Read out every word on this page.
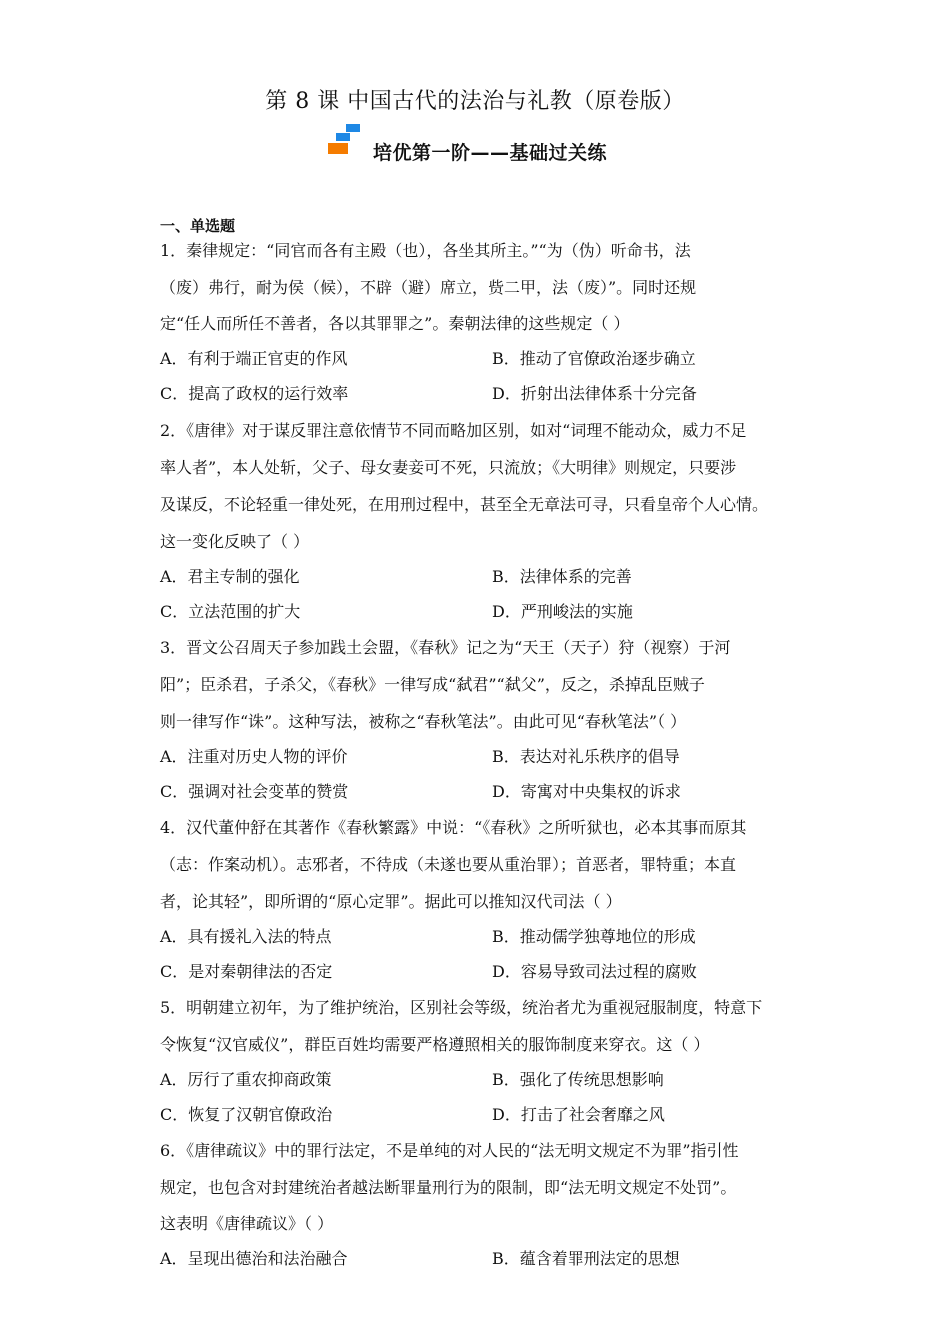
第 8 课 中国古代的法治与礼教（原卷版）
培优第一阶——基础过关练
一、单选题
1．秦律规定：“同官而各有主殿（也），各坐其所主。”“为（伪）听命书，法
（废）弗行，耐为侯（候），不辟（避）席立，赀二甲，法（废）”。同时还规
定“任人而所任不善者，各以其罪罪之”。秦朝法律的这些规定（ ）
A．有利于端正官吏的作风	B．推动了官僚政治逐步确立
C．提高了政权的运行效率	D．折射出法律体系十分完备
2．《唐律》对于谋反罪注意依情节不同而略加区别，如对“词理不能动众，威力不足
率人者”，本人处斩，父子、母女妻妾可不死，只流放；《大明律》则规定，只要涉
及谋反，不论轻重一律处死，在用刑过程中，甚至全无章法可寻，只看皇帝个人心情。
这一变化反映了（ ）
A．君主专制的强化	B．法律体系的完善
C．立法范围的扩大	D．严刑峻法的实施
3．晋文公召周天子参加践土会盟，《春秋》记之为“天王（天子）狩（视察）于河
阳”；臣杀君，子杀父，《春秋》一律写成“弑君”“弑父”，反之，杀掉乱臣贼子
则一律写作“诛”。这种写法，被称之“春秋笔法”。由此可见“春秋笔法”（ ）
A．注重对历史人物的评价	B．表达对礼乐秩序的倡导
C．强调对社会变革的赞赏	D．寄寓对中央集权的诉求
4．汉代董仲舒在其著作《春秋繁露》中说：“《春秋》之所听狱也，必本其事而原其
（志：作案动机）。志邪者，不待成（未遂也要从重治罪）；首恶者，罪特重；本直
者，论其轻”，即所谓的“原心定罪”。据此可以推知汉代司法（ ）
A．具有援礼入法的特点	B．推动儒学独尊地位的形成
C．是对秦朝律法的否定	D．容易导致司法过程的腐败
5．明朝建立初年，为了维护统治，区别社会等级，统治者尤为重视冠服制度，特意下
令恢复“汉官威仪”，群臣百姓均需要严格遵照相关的服饰制度来穿衣。这（ ）
A．厉行了重农抑商政策	B．强化了传统思想影响
C．恢复了汉朝官僚政治	D．打击了社会奢靡之风
6．《唐律疏议》中的罪行法定，不是单纯的对人民的“法无明文规定不为罪”指引性
规定，也包含对封建统治者越法断罪量刑行为的限制，即“法无明文规定不处罚”。
这表明《唐律疏议》（ ）
A．呈现出德治和法治融合	B．蕴含着罪刑法定的思想
